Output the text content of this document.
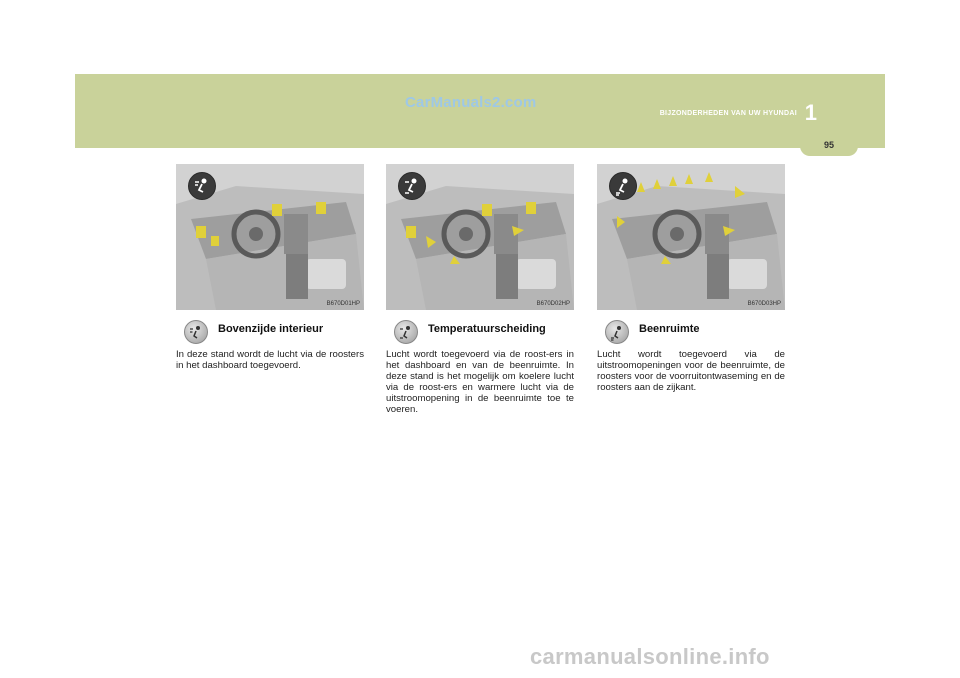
CarManuals2.com
BIJZONDERHEDEN VAN UW HYUNDAI 1
95
B670D01HP
Bovenzijde interieur
In deze stand wordt de lucht via de roosters in het dashboard toegevoerd.
B670D02HP
Temperatuurscheiding
Lucht wordt toegevoerd via de roost-ers in het dashboard en van de beenruimte. In deze stand is het mogelijk om koelere lucht via de roost-ers en warmere lucht via de uitstroomopening in de beenruimte toe te voeren.
B670D03HP
Beenruimte
Lucht wordt toegevoerd via de uitstroomopeningen voor de beenruimte, de roosters voor de voorruitontwaseming en de roosters aan de zijkant.
carmanualsonline.info
